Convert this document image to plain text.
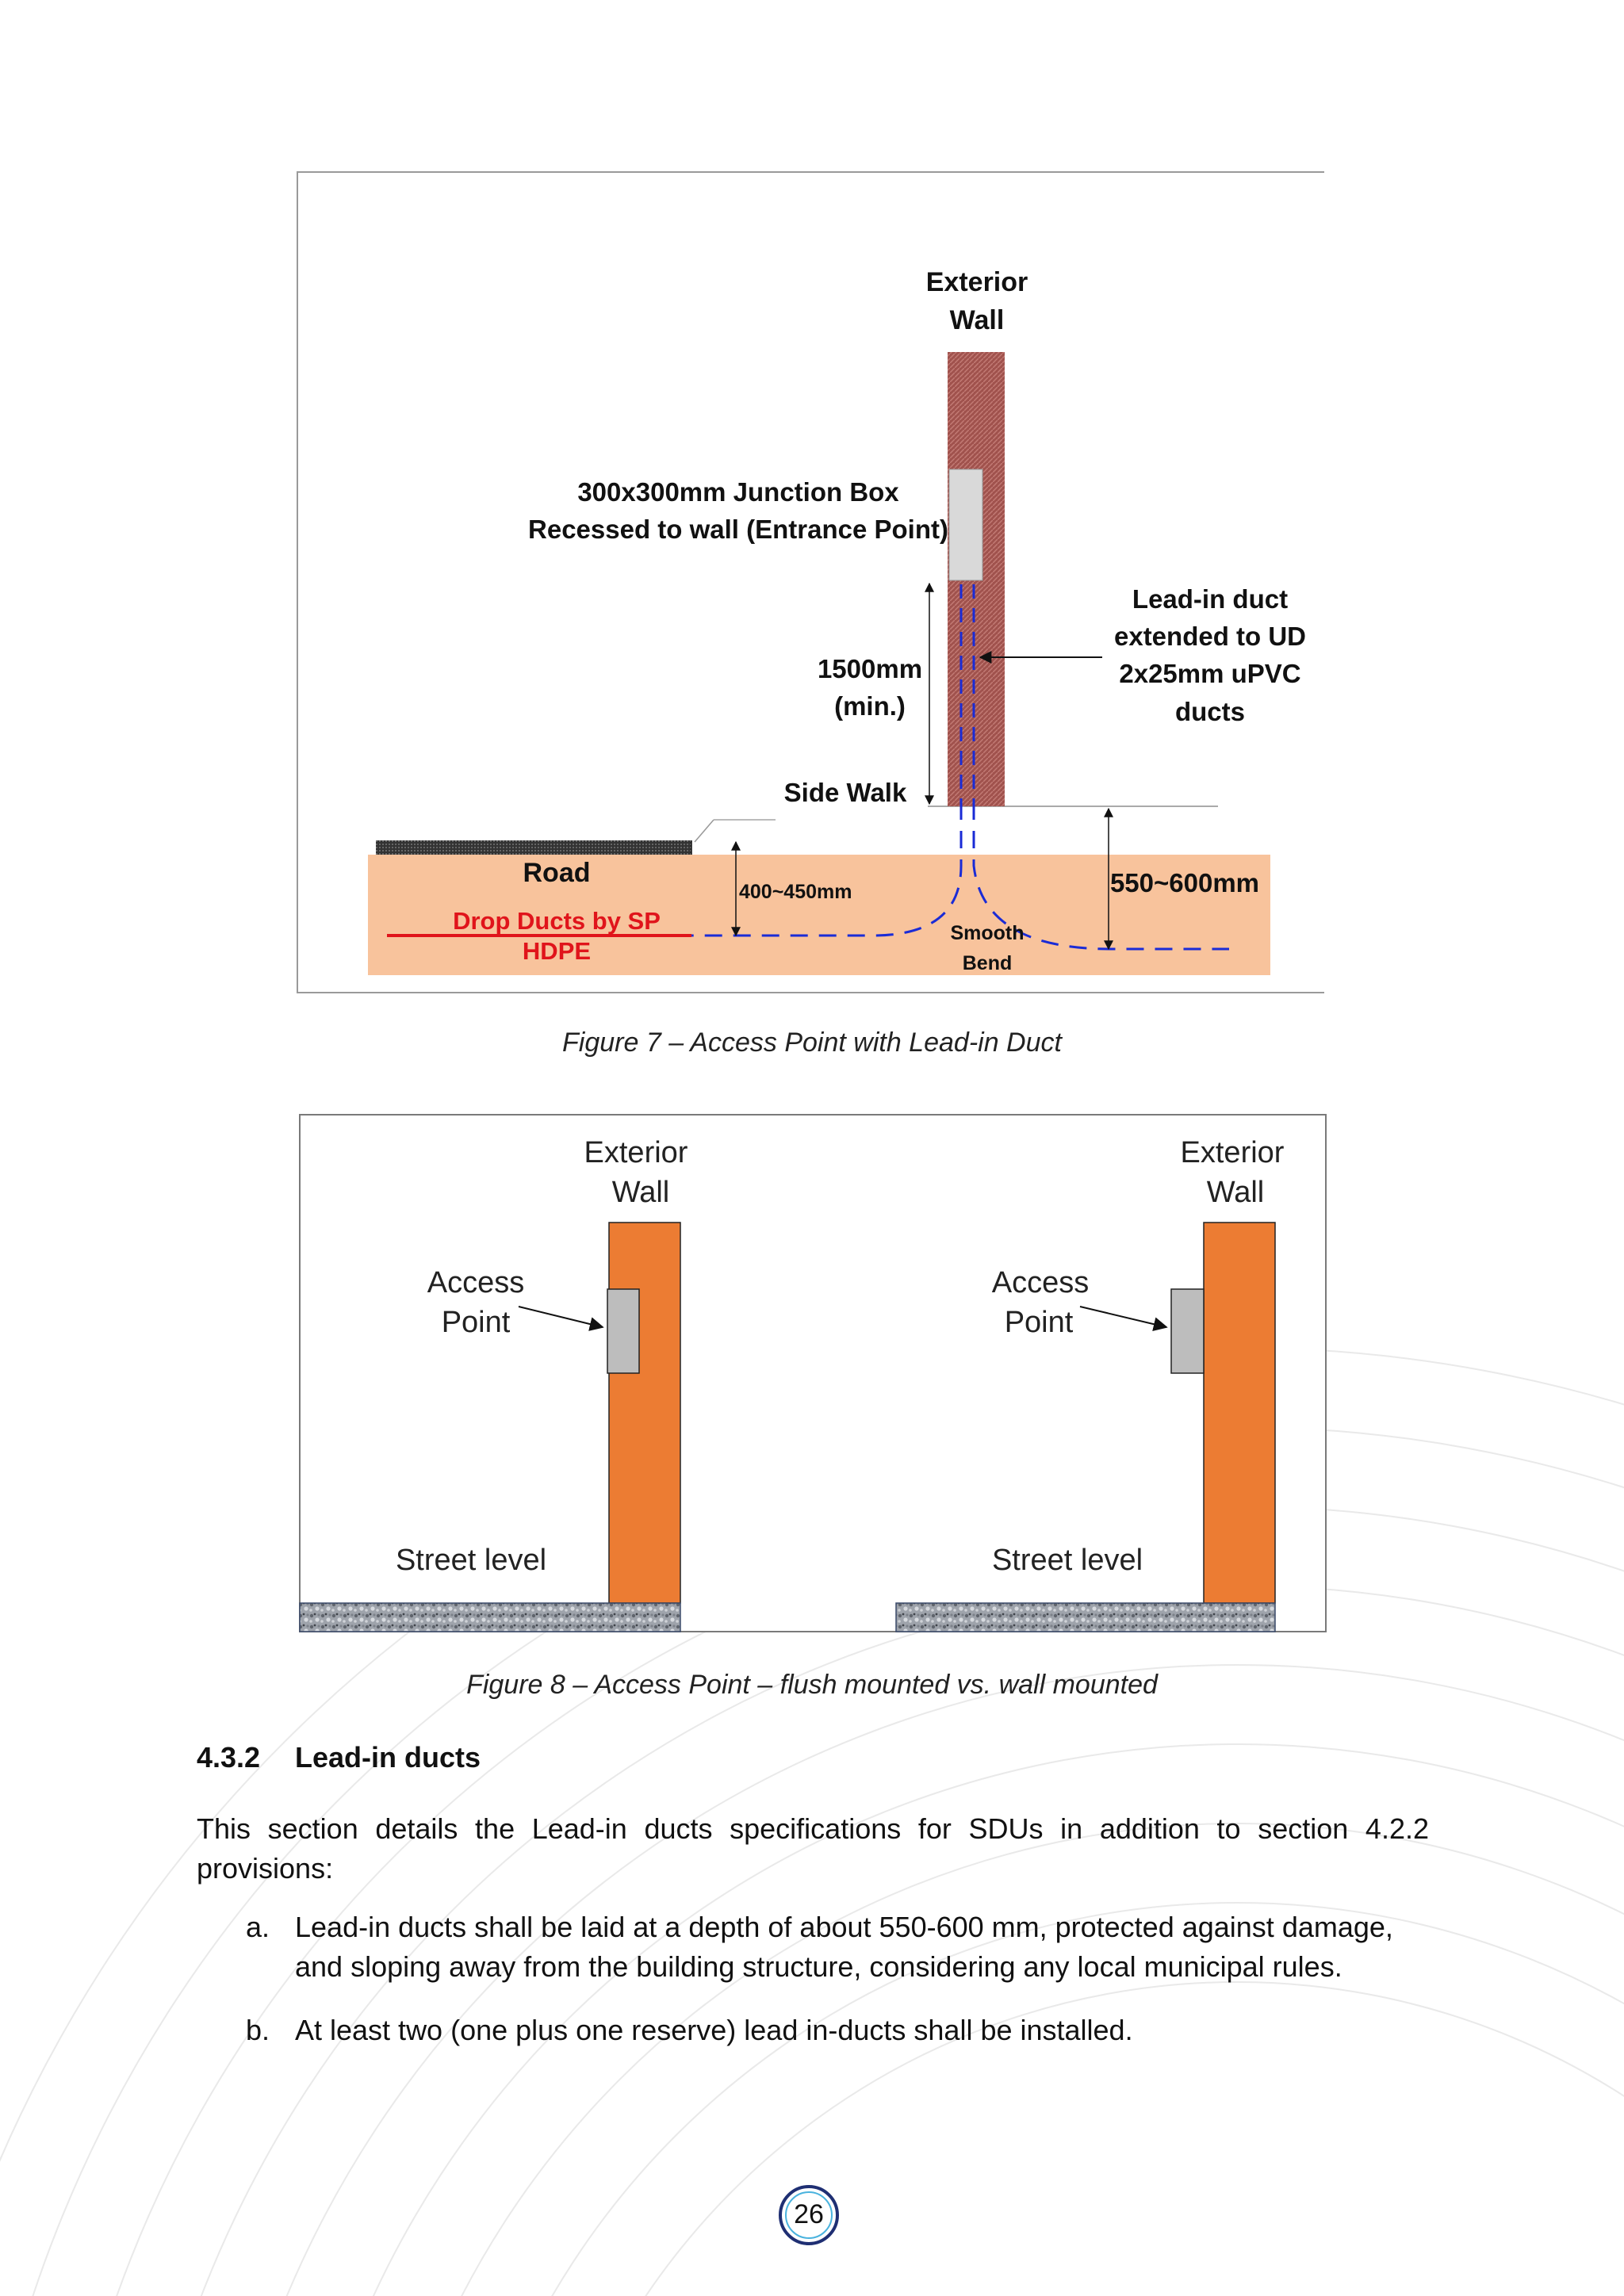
Exterior
Wall
300x300mm Junction Box
Recessed to wall (Entrance Point)
Lead-in duct
extended to UD
2x25mm uPVC
ducts
1500mm
(min.)
Side Walk
Road
Drop Ducts by SP
HDPE
400~450mm	550~600mm
Smooth
Bend
Figure 7 – Access Point with Lead-in Duct
Exterior
Wall
Access
Point
Street level
Exterior
Wall
Access
Point
Street level
Figure 8 – Access Point – flush mounted vs. wall mounted
4.3.2 Lead-in ducts
This section details the Lead-in ducts specifications for SDUs in addition to section 4.2.2 provisions:
a. Lead-in ducts shall be laid at a depth of about 550-600 mm, protected against damage, and sloping away from the building structure, considering any local municipal rules.
b. At least two (one plus one reserve) lead in-ducts shall be installed.
26
